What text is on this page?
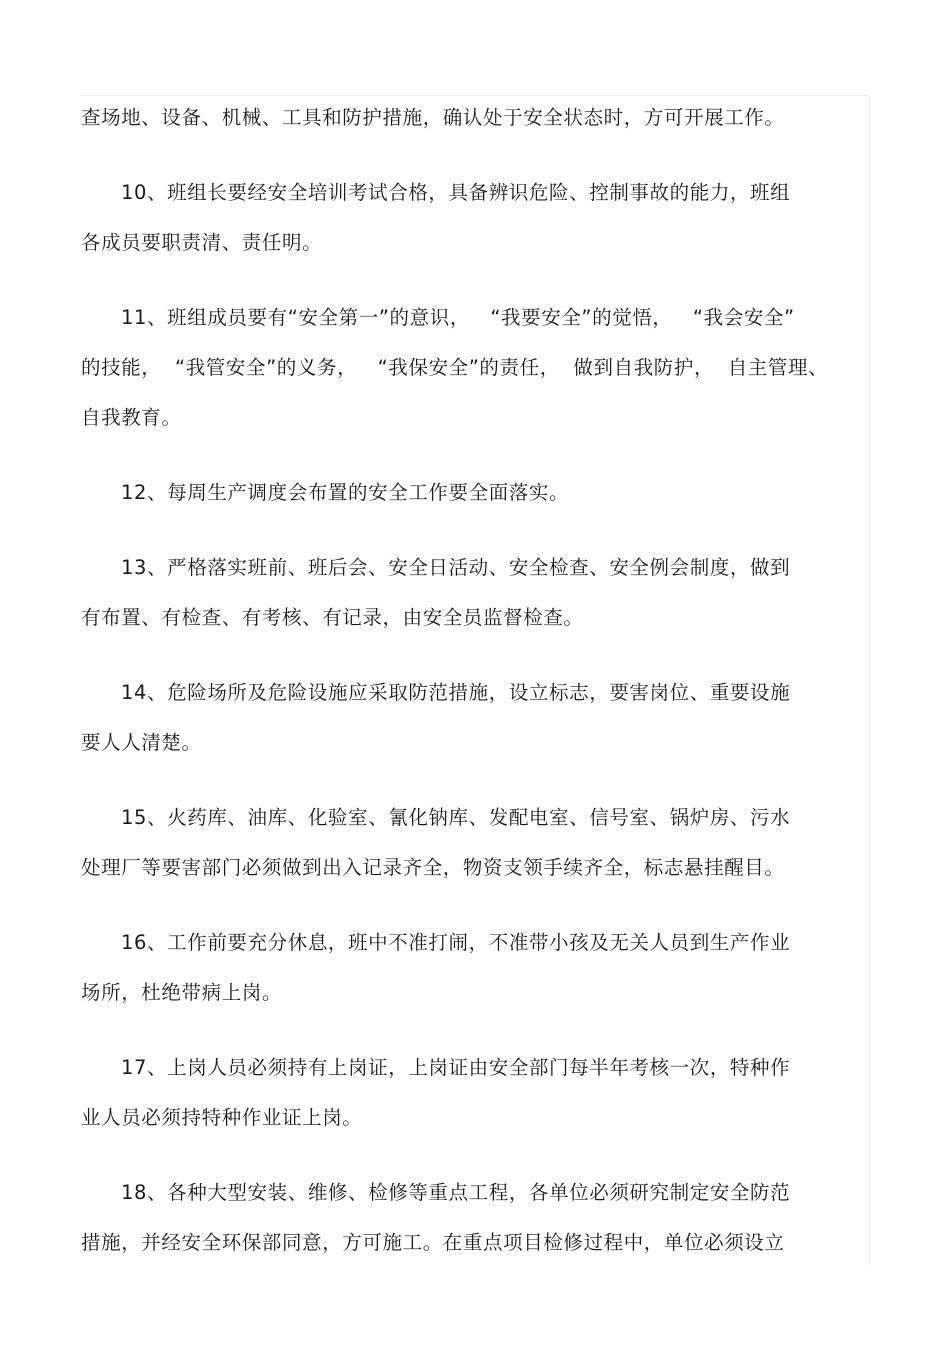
查场地、设备、机械、工具和防护措施，确认处于安全状态时，方可开展工作。
10、班组长要经安全培训考试合格，具备辨识危险、控制事故的能力，班组
各成员要职责清、责任明。
11、班组成员要有“安全第一”的意识，   “我要安全”的觉悟，   “我会安全”
的技能，  “我管安全”的义务，   “我保安全”的责任，  做到自我防护，  自主管理、
自我教育。
12、每周生产调度会布置的安全工作要全面落实。
13、严格落实班前、班后会、安全日活动、安全检查、安全例会制度，做到
有布置、有检查、有考核、有记录，由安全员监督检查。
14、危险场所及危险设施应采取防范措施，设立标志，要害岗位、重要设施
要人人清楚。
15、火药库、油库、化验室、氰化钠库、发配电室、信号室、锅炉房、污水
处理厂等要害部门必须做到出入记录齐全，物资支领手续齐全，标志悬挂醒目。
16、工作前要充分休息，班中不准打闹，不准带小孩及无关人员到生产作业
场所，杜绝带病上岗。
17、上岗人员必须持有上岗证，上岗证由安全部门每半年考核一次，特种作
业人员必须持特种作业证上岗。
18、各种大型安装、维修、检修等重点工程，各单位必须研究制定安全防范
措施，并经安全环保部同意，方可施工。在重点项目检修过程中，单位必须设立
